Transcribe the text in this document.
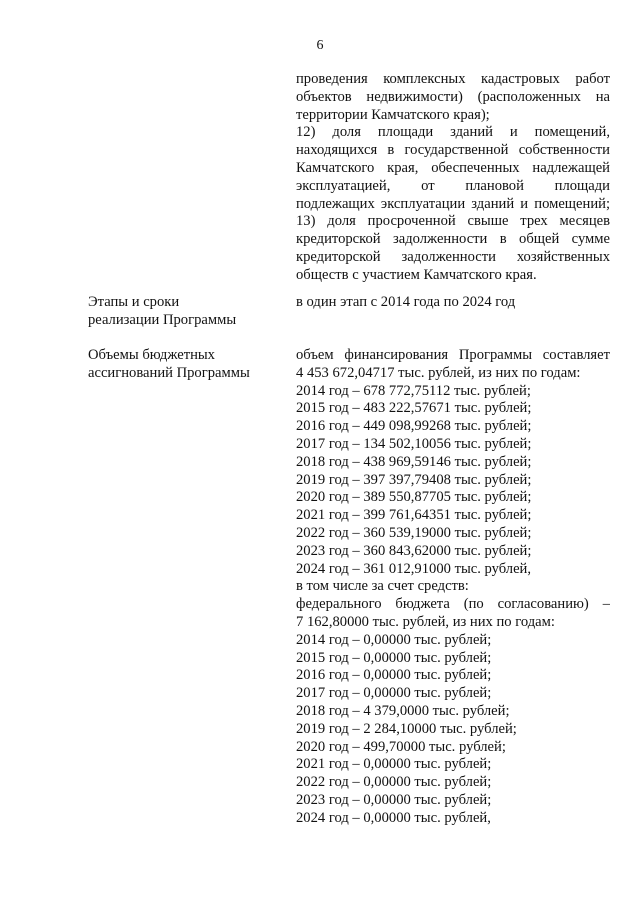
6
проведения комплексных кадастровых работ
объектов недвижимости) (расположенных на
территории Камчатского края);
12) доля площади зданий и помещений,
находящихся в государственной собственности
Камчатского края, обеспеченных надлежащей
эксплуатацией, от плановой площади
подлежащих эксплуатации зданий и помещений;
13) доля просроченной свыше трех месяцев
кредиторской задолженности в общей сумме
кредиторской задолженности хозяйственных
обществ с участием Камчатского края.
Этапы и сроки
реализации Программы
в один этап с 2014 года по 2024 год
Объемы бюджетных
ассигнований Программы
объем финансирования Программы составляет
4 453 672,04717 тыс. рублей, из них по годам:
2014 год – 678 772,75112 тыс. рублей;
2015 год – 483 222,57671 тыс. рублей;
2016 год – 449 098,99268 тыс. рублей;
2017 год – 134 502,10056 тыс. рублей;
2018 год – 438 969,59146 тыс. рублей;
2019 год – 397 397,79408 тыс. рублей;
2020 год – 389 550,87705 тыс. рублей;
2021 год – 399 761,64351 тыс. рублей;
2022 год – 360 539,19000 тыс. рублей;
2023 год – 360 843,62000 тыс. рублей;
2024 год – 361 012,91000 тыс. рублей,
в том числе за счет средств:
федерального бюджета (по согласованию) –
7 162,80000 тыс. рублей, из них по годам:
2014 год – 0,00000 тыс. рублей;
2015 год – 0,00000 тыс. рублей;
2016 год – 0,00000 тыс. рублей;
2017 год – 0,00000 тыс. рублей;
2018 год – 4 379,0000 тыс. рублей;
2019 год – 2 284,10000 тыс. рублей;
2020 год – 499,70000 тыс. рублей;
2021 год – 0,00000 тыс. рублей;
2022 год – 0,00000 тыс. рублей;
2023 год – 0,00000 тыс. рублей;
2024 год – 0,00000 тыс. рублей,
